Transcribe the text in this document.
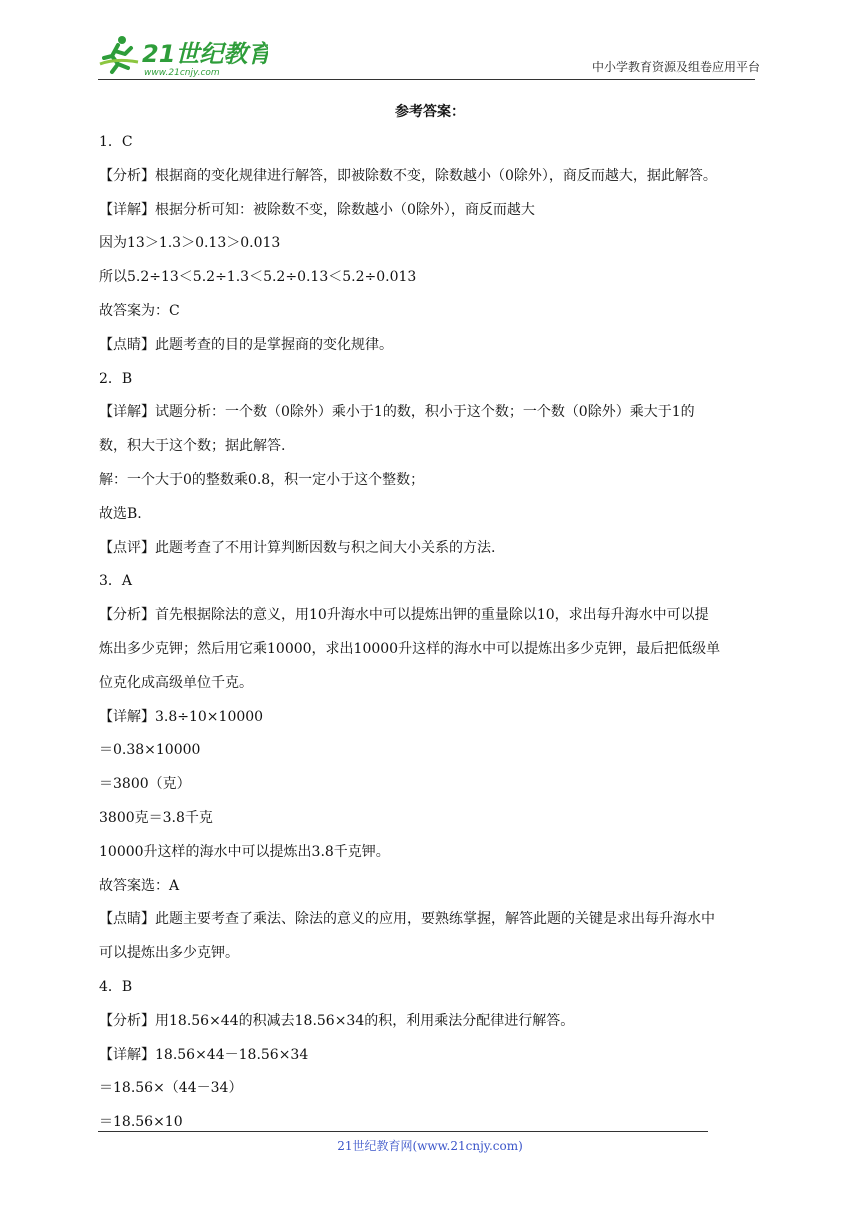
21世纪教育
www.21cnjy.com	中小学教育资源及组卷应用平台
参考答案：
1．C
【分析】根据商的变化规律进行解答，即被除数不变，除数越小（0除外），商反而越大，据此解答。
【详解】根据分析可知：被除数不变，除数越小（0除外），商反而越大
因为13＞1.3＞0.13＞0.013
所以5.2÷13＜5.2÷1.3＜5.2÷0.13＜5.2÷0.013
故答案为：C
【点睛】此题考查的目的是掌握商的变化规律。
2．B
【详解】试题分析：一个数（0除外）乘小于1的数，积小于这个数；一个数（0除外）乘大于1的
数，积大于这个数；据此解答.
解：一个大于0的整数乘0.8，积一定小于这个整数；
故选B.
【点评】此题考查了不用计算判断因数与积之间大小关系的方法.
3．A
【分析】首先根据除法的意义，用10升海水中可以提炼出钾的重量除以10，求出每升海水中可以提
炼出多少克钾；然后用它乘10000，求出10000升这样的海水中可以提炼出多少克钾，最后把低级单
位克化成高级单位千克。
【详解】3.8÷10×10000
＝0.38×10000
＝3800（克）
3800克＝3.8千克
10000升这样的海水中可以提炼出3.8千克钾。
故答案选：A
【点睛】此题主要考查了乘法、除法的意义的应用，要熟练掌握，解答此题的关键是求出每升海水中
可以提炼出多少克钾。
4．B
【分析】用18.56×44的积减去18.56×34的积，利用乘法分配律进行解答。
【详解】18.56×44－18.56×34
＝18.56×（44－34）
＝18.56×10
21世纪教育网(www.21cnjy.com)
